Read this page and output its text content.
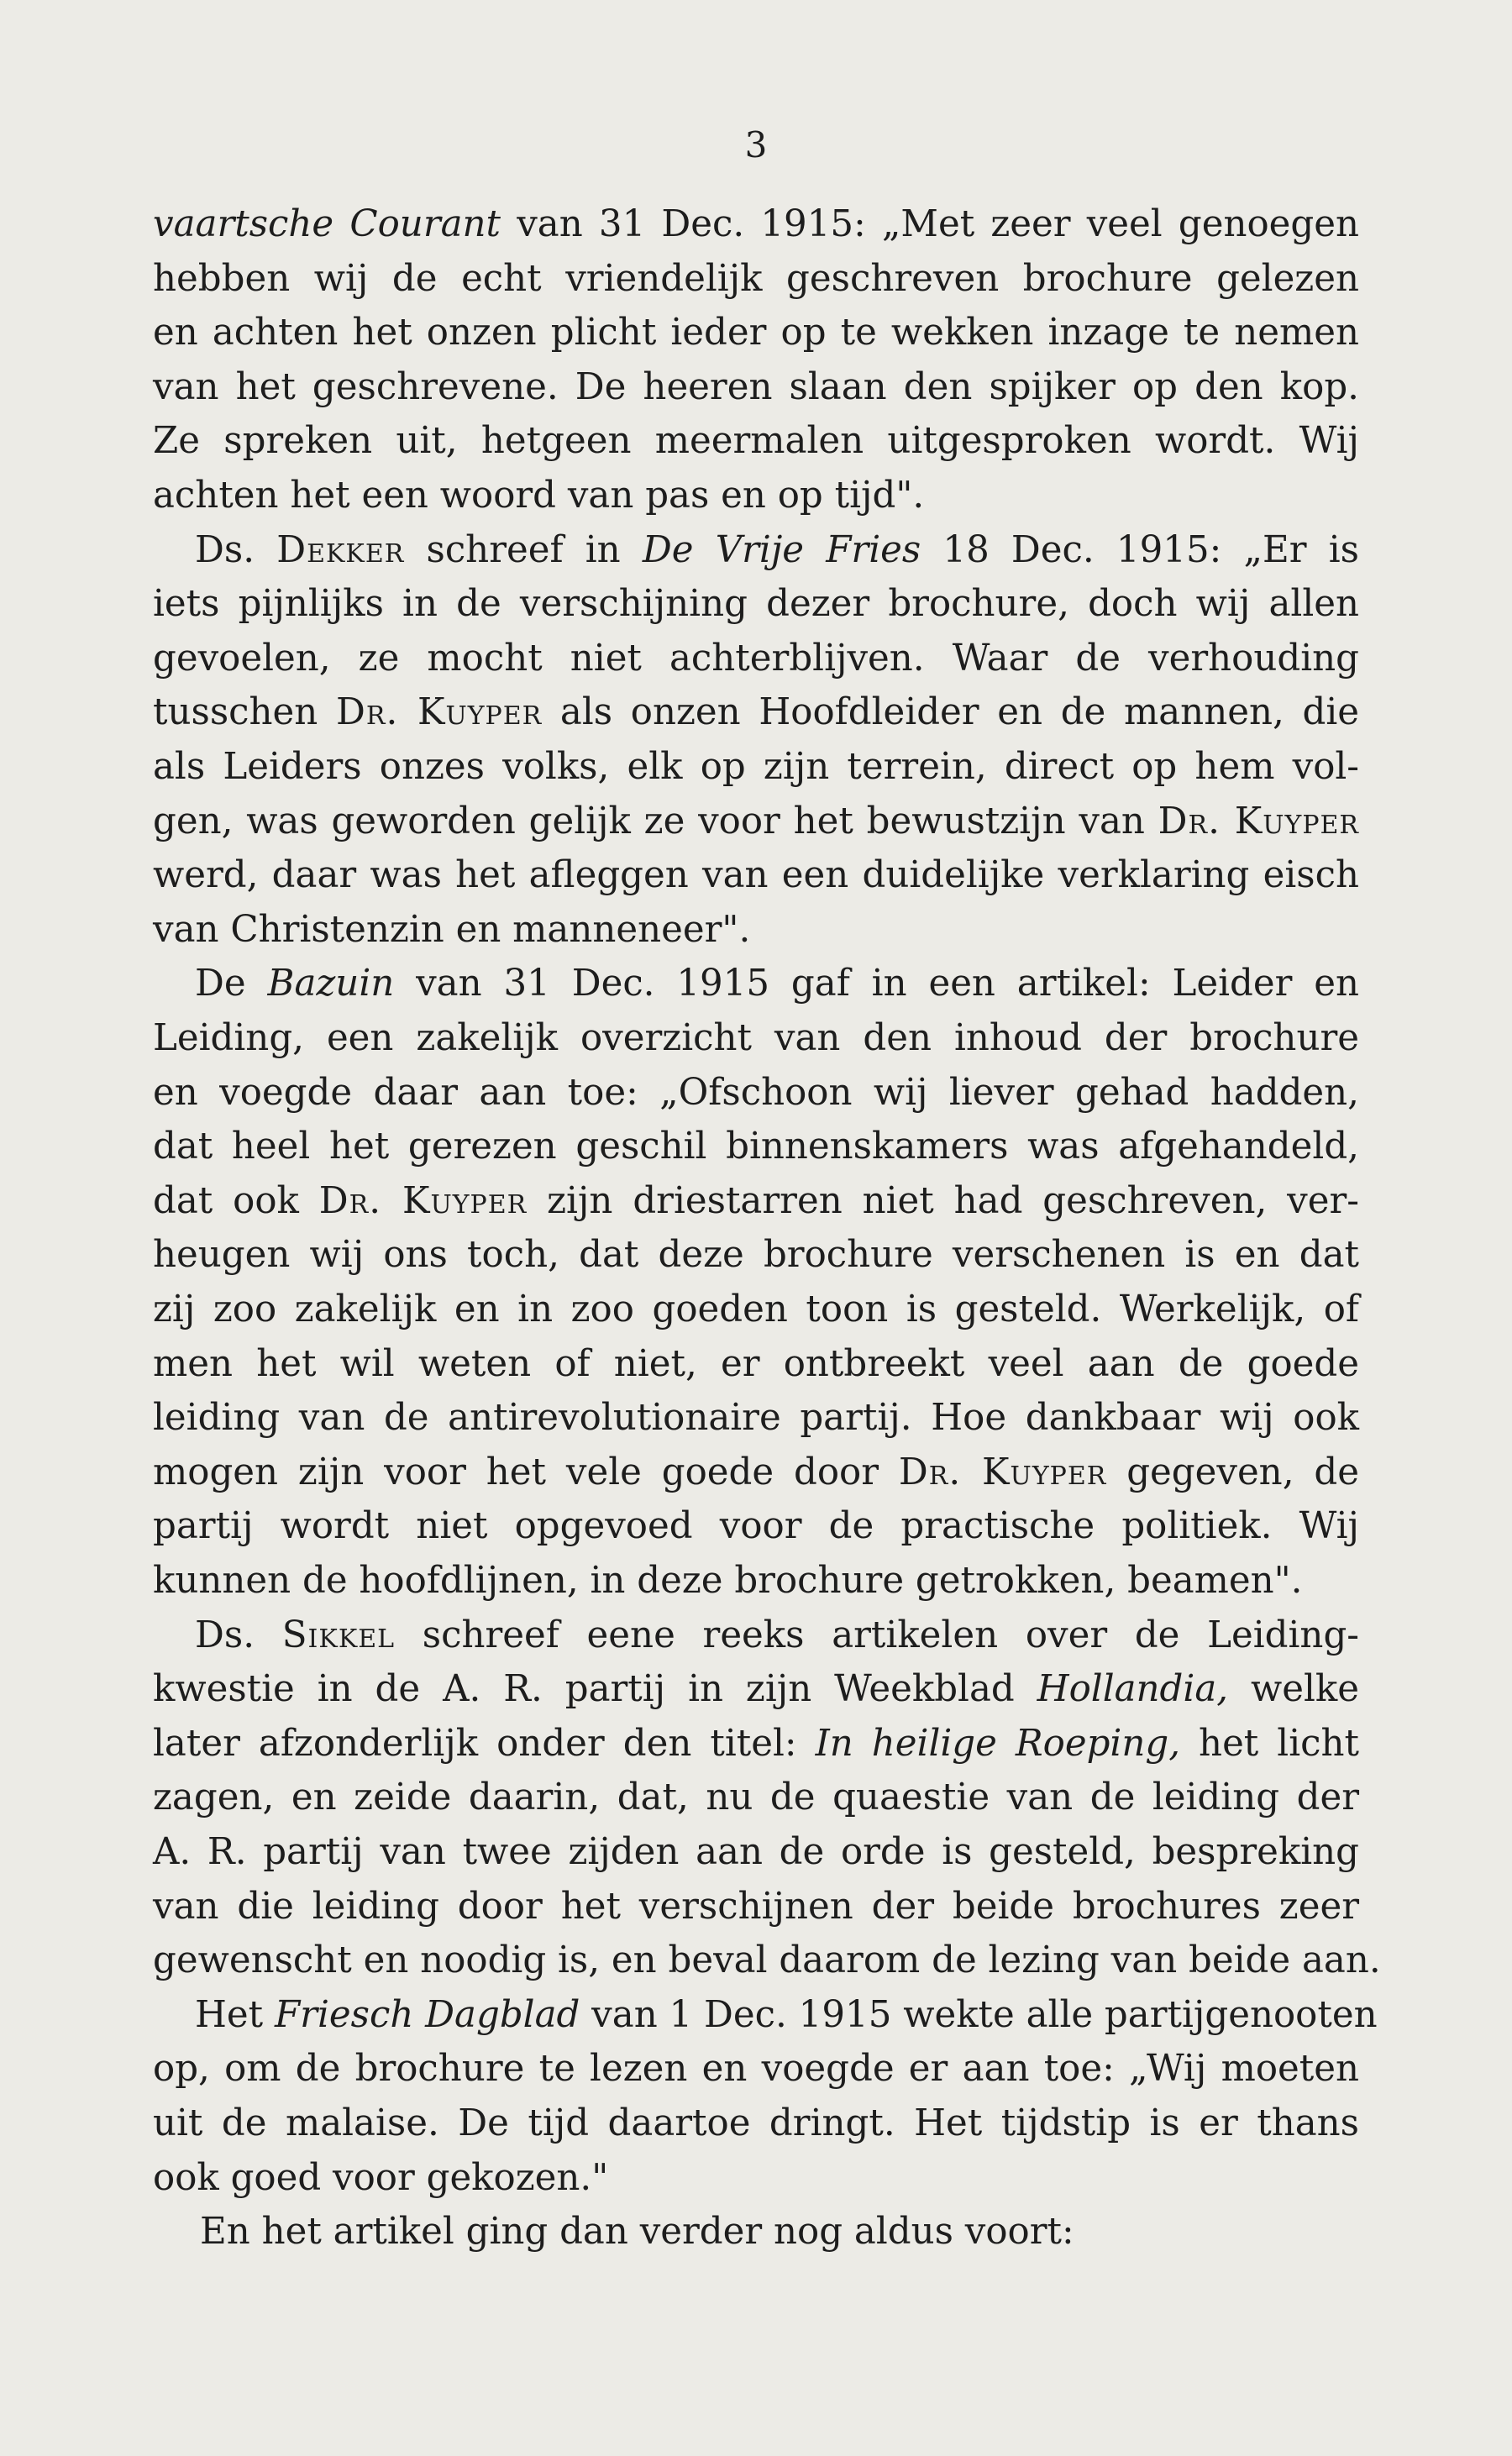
3
vaartsche Courant van 31 Dec. 1915: „Met zeer veel genoegen
hebben wij de echt vriendelijk geschreven brochure gelezen
en achten het onzen plicht ieder op te wekken inzage te nemen
van het geschrevene. De heeren slaan den spijker op den kop.
Ze spreken uit, hetgeen meermalen uitgesproken wordt. Wij
achten het een woord van pas en op tijd".
Ds. Dekker schreef in De Vrije Fries 18 Dec. 1915: „Er is
iets pijnlijks in de verschijning dezer brochure, doch wij allen
gevoelen, ze mocht niet achterblijven. Waar de verhouding
tusschen Dr. Kuyper als onzen Hoofdleider en de mannen, die
als Leiders onzes volks, elk op zijn terrein, direct op hem vol-
gen, was geworden gelijk ze voor het bewustzijn van Dr. Kuyper
werd, daar was het afleggen van een duidelijke verklaring eisch
van Christenzin en manneneer".
De Bazuin van 31 Dec. 1915 gaf in een artikel: Leider en
Leiding, een zakelijk overzicht van den inhoud der brochure
en voegde daar aan toe: „Ofschoon wij liever gehad hadden,
dat heel het gerezen geschil binnenskamers was afgehandeld,
dat ook Dr. Kuyper zijn driestarren niet had geschreven, ver-
heugen wij ons toch, dat deze brochure verschenen is en dat
zij zoo zakelijk en in zoo goeden toon is gesteld. Werkelijk, of
men het wil weten of niet, er ontbreekt veel aan de goede
leiding van de antirevolutionaire partij. Hoe dankbaar wij ook
mogen zijn voor het vele goede door Dr. Kuyper gegeven, de
partij wordt niet opgevoed voor de practische politiek. Wij
kunnen de hoofdlijnen, in deze brochure getrokken, beamen".
Ds. Sikkel schreef eene reeks artikelen over de Leiding-
kwestie in de A. R. partij in zijn Weekblad Hollandia, welke
later afzonderlijk onder den titel: In heilige Roeping, het licht
zagen, en zeide daarin, dat, nu de quaestie van de leiding der
A. R. partij van twee zijden aan de orde is gesteld, bespreking
van die leiding door het verschijnen der beide brochures zeer
gewenscht en noodig is, en beval daarom de lezing van beide aan.
Het Friesch Dagblad van 1 Dec. 1915 wekte alle partijgenooten
op, om de brochure te lezen en voegde er aan toe: „Wij moeten
uit de malaise. De tijd daartoe dringt. Het tijdstip is er thans
ook goed voor gekozen."
En het artikel ging dan verder nog aldus voort:
